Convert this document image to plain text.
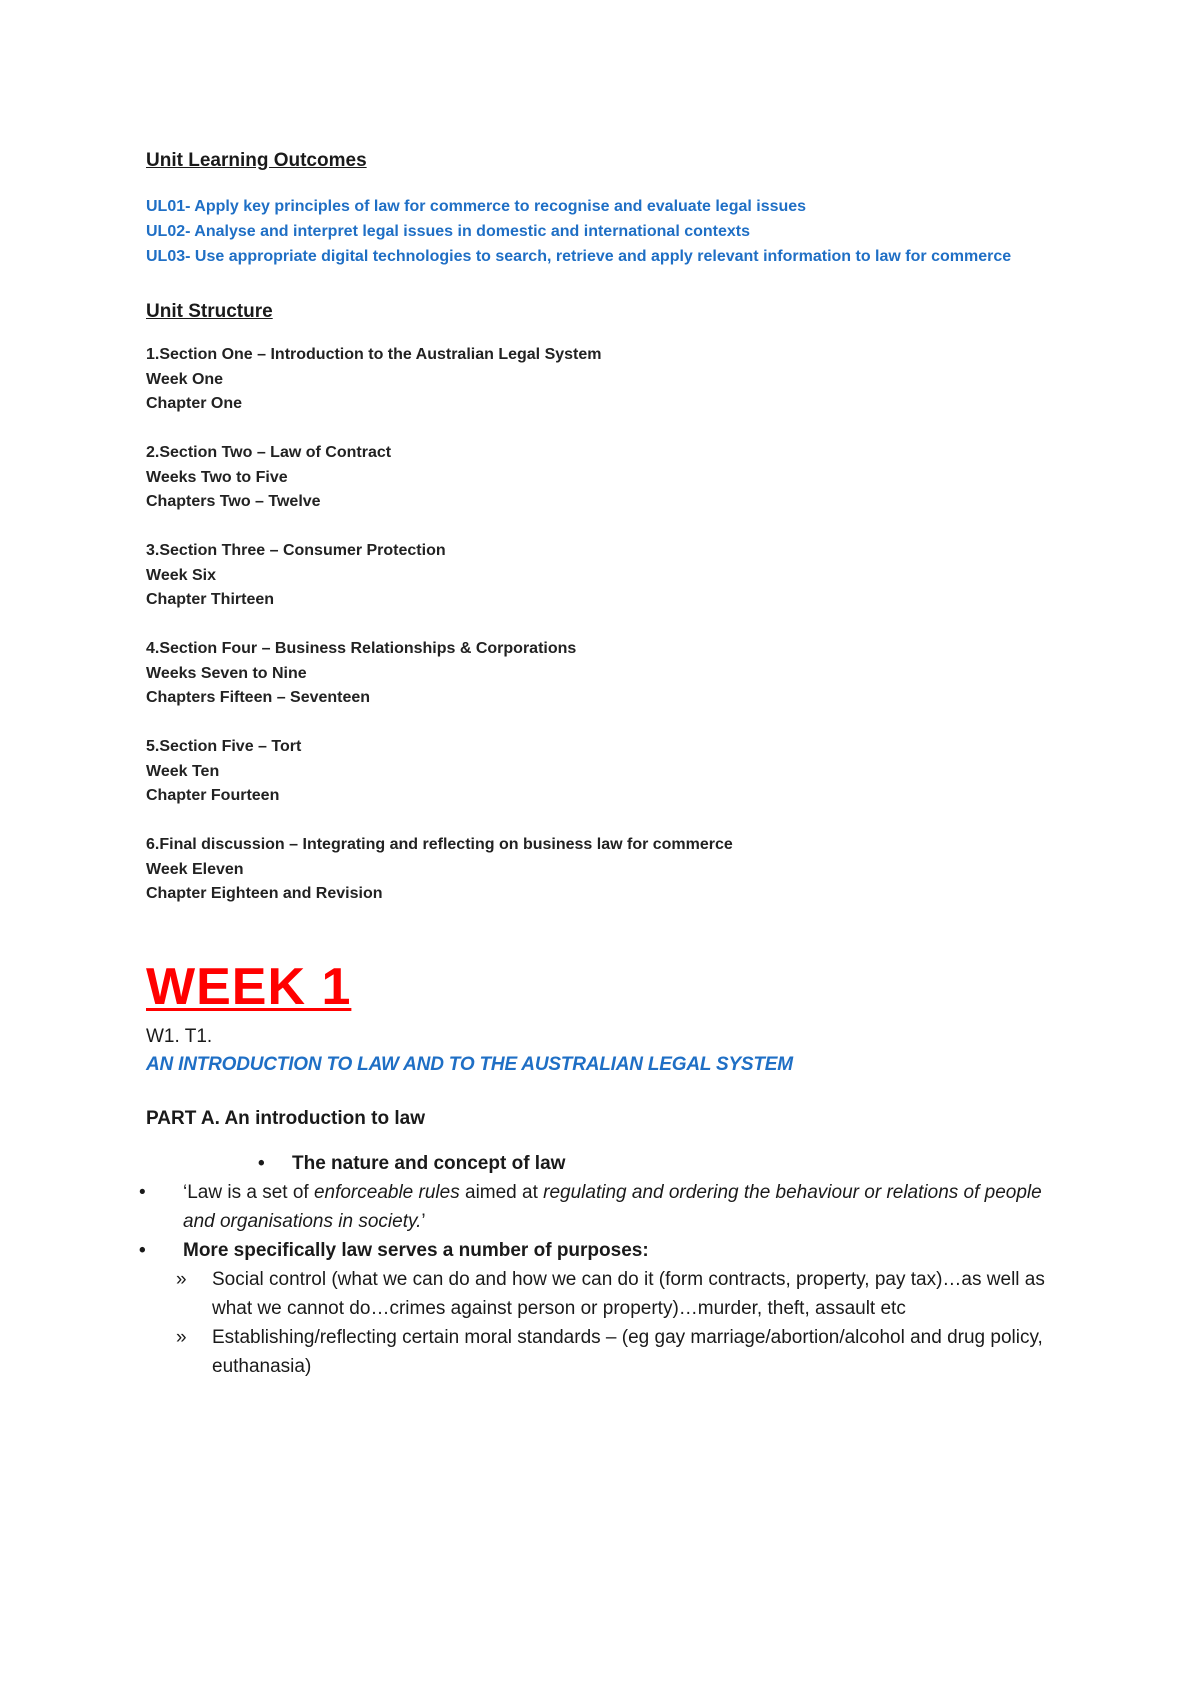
Unit Learning Outcomes
UL01- Apply key principles of law for commerce to recognise and evaluate legal issues
UL02- Analyse and interpret legal issues in domestic and international contexts
UL03- Use appropriate digital technologies to search, retrieve and apply relevant information to law for commerce
Unit Structure
1.Section One – Introduction to the Australian Legal System
Week One
Chapter One
2.Section Two – Law of Contract
Weeks Two to Five
Chapters Two – Twelve
3.Section Three – Consumer Protection
Week Six
Chapter Thirteen
4.Section Four – Business Relationships & Corporations
Weeks Seven to Nine
Chapters Fifteen – Seventeen
5.Section Five – Tort
Week Ten
Chapter Fourteen
6.Final discussion – Integrating and reflecting on business law for commerce
Week Eleven
Chapter Eighteen and Revision
WEEK 1
W1. T1.
AN INTRODUCTION TO LAW AND TO THE AUSTRALIAN LEGAL SYSTEM
PART A. An introduction to law
• The nature and concept of law
• ‘Law is a set of enforceable rules aimed at regulating and ordering the behaviour or relations of people and organisations in society.’
• More specifically law serves a number of purposes:
» Social control (what we can do and how we can do it (form contracts, property, pay tax)…as well as what we cannot do…crimes against person or property)…murder, theft, assault etc
» Establishing/reflecting certain moral standards – (eg gay marriage/abortion/alcohol and drug policy, euthanasia)
